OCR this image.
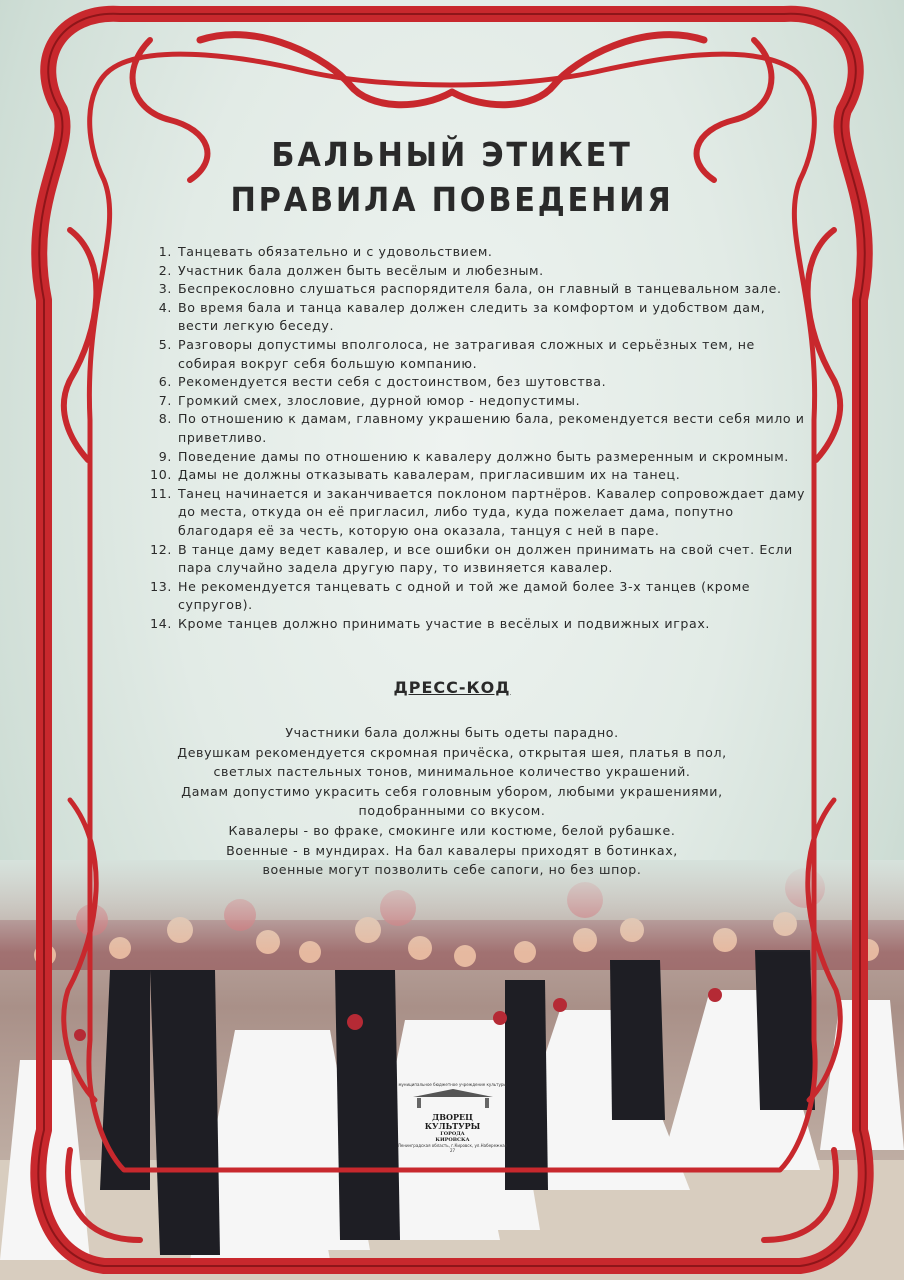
БАЛЬНЫЙ ЭТИКЕТ
ПРАВИЛА ПОВЕДЕНИЯ
1. Танцевать обязательно и с удовольствием.
2. Участник бала должен быть весёлым и любезным.
3. Беспрекословно слушаться распорядителя бала, он главный в танцевальном зале.
4. Во время бала и танца кавалер должен следить за комфортом и удобством дам, вести легкую беседу.
5. Разговоры допустимы вполголоса, не затрагивая сложных и серьёзных тем, не собирая вокруг себя большую компанию.
6. Рекомендуется вести себя с достоинством, без шутовства.
7. Громкий смех, злословие, дурной юмор - недопустимы.
8. По отношению к дамам, главному украшению бала, рекомендуется вести себя мило и приветливо.
9. Поведение дамы по отношению к кавалеру должно быть размеренным и скромным.
10. Дамы не должны отказывать кавалерам, пригласившим их на танец.
11. Танец начинается и заканчивается поклоном партнёров. Кавалер сопровождает даму до места, откуда он её пригласил, либо туда, куда пожелает дама, попутно благодаря её за честь, которую она оказала, танцуя с ней в паре.
12. В танце даму ведет кавалер, и все ошибки он должен принимать на свой счет. Если пара случайно задела другую пару, то извиняется кавалер.
13. Не рекомендуется танцевать с одной и той же дамой более 3-х танцев (кроме супругов).
14. Кроме танцев должно принимать участие в весёлых и подвижных играх.
ДРЕСС-КОД
Участники бала должны быть одеты парадно.
Девушкам рекомендуется скромная причёска, открытая шея, платья в пол,
светлых пастельных тонов, минимальное количество украшений.
Дамам допустимо украсить себя головным убором, любыми украшениями,
подобранными со вкусом.
Кавалеры - во фраке, смокинге или костюме, белой рубашке.
Военные - в мундирах. На бал кавалеры приходят в ботинках,
военные могут позволить себе сапоги, но без шпор.
муниципальное бюджетное учреждение культуры
ДВОРЕЦ
КУЛЬТУРЫ
ГОРОДА
КИРОВСКА
Ленинградская область, г.Кировск, ул.Набережная 27
